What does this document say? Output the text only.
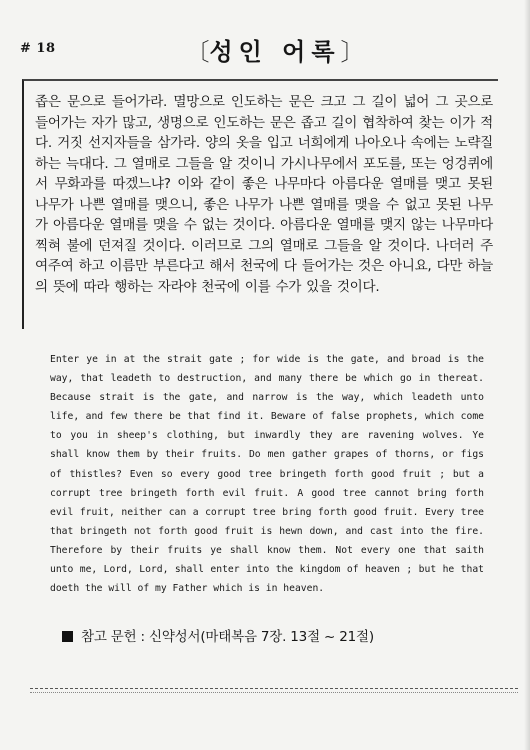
# 18	〔성인 어록〕
좁은 문으로 들어가라. 멸망으로 인도하는 문은 크고 그 길이 넓어 그 곳으로 들어가는 자가 많고, 생명으로 인도하는 문은 좁고 길이 협착하여 찾는 이가 적다. 거짓 선지자들을 삼가라. 양의 옷을 입고 너희에게 나아오나 속에는 노략질하는 늑대다. 그 열매로 그들을 알 것이니 가시나무에서 포도를, 또는 엉겅퀴에서 무화과를 따겠느냐? 이와 같이 좋은 나무마다 아름다운 열매를 맺고 못된 나무가 나쁜 열매를 맺으니, 좋은 나무가 나쁜 열매를 맺을 수 없고 못된 나무가 아름다운 열매를 맺을 수 없는 것이다. 아름다운 열매를 맺지 않는 나무마다 찍혀 불에 던져질 것이다. 이러므로 그의 열매로 그들을 알 것이다. 나더러 주여주여 하고 이름만 부른다고 해서 천국에 다 들어가는 것은 아니요, 다만 하늘의 뜻에 따라 행하는 자라야 천국에 이를 수가 있을 것이다.
Enter ye in at the strait gate ; for wide is the gate, and broad is the way, that leadeth to destruction, and many there be which go in thereat. Because strait is the gate, and narrow is the way, which leadeth unto life, and few there be that find it. Beware of false prophets, which come to you in sheep's clothing, but inwardly they are ravening wolves. Ye shall know them by their fruits. Do men gather grapes of thorns, or figs of thistles? Even so every good tree bringeth forth good fruit ; but a corrupt tree bringeth forth evil fruit. A good tree cannot bring forth evil fruit, neither can a corrupt tree bring forth good fruit. Every tree that bringeth not forth good fruit is hewn down, and cast into the fire. Therefore by their fruits ye shall know them. Not every one that saith unto me, Lord, Lord, shall enter into the kingdom of heaven ; but he that doeth the will of my Father which is in heaven.
참고 문헌 : 신약성서(마태복음 7장. 13절 ~ 21절)
